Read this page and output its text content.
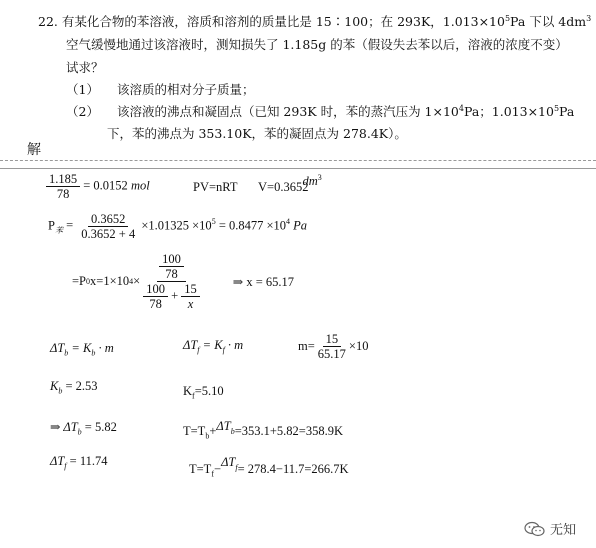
22. 有某化合物的苯溶液，溶质和溶剂的质量比是 15∶100；在 293K，$1.013\times 10^5Pa$ 下以 $4dm^3$
空气缓慢地通过该溶液时，测知损失了 1.185g 的苯（假设失去苯以后，溶液的浓度不变）
试求？
（1） 该溶质的相对分子质量；
（2） 该溶液的沸点和凝固点（已知 293K 时，苯的蒸汽压为 $1\times 10^4Pa$；$1.013\times 10^5Pa$
下，苯的沸点为 353.10K，苯的凝固点为 278.4K）。
解
$\frac{1.185}{78} = 0.0152$ mol	PV=nRT $V=0.3652dm^3$
$P_苯 = \frac{0.3652}{0.3652 + 4} \times 1.01325 \times 10^5 = 0.8477 \times 10^4$ Pa
=P 0 x=1×10 $4 \times \frac{\frac{100}{78}}{\frac{100}{78} + \frac{15}{x}}$ ⇒ x = 65.17
$\Delta T_b = K_b \cdot m$	$\Delta T_f = K_f \cdot m$	$m= \frac{15}{65.17} \times 10$
$K_b = 2.53$	$K_f=5.10$
⇒ $\Delta T_b = 5.82$	$T=T_b+\Delta T_b=353.1+5.82=358.9K$
$\Delta T_f = 11.74$
$T=T_f-\Delta T_f= 278.4-11.7=266.7K$
无知
